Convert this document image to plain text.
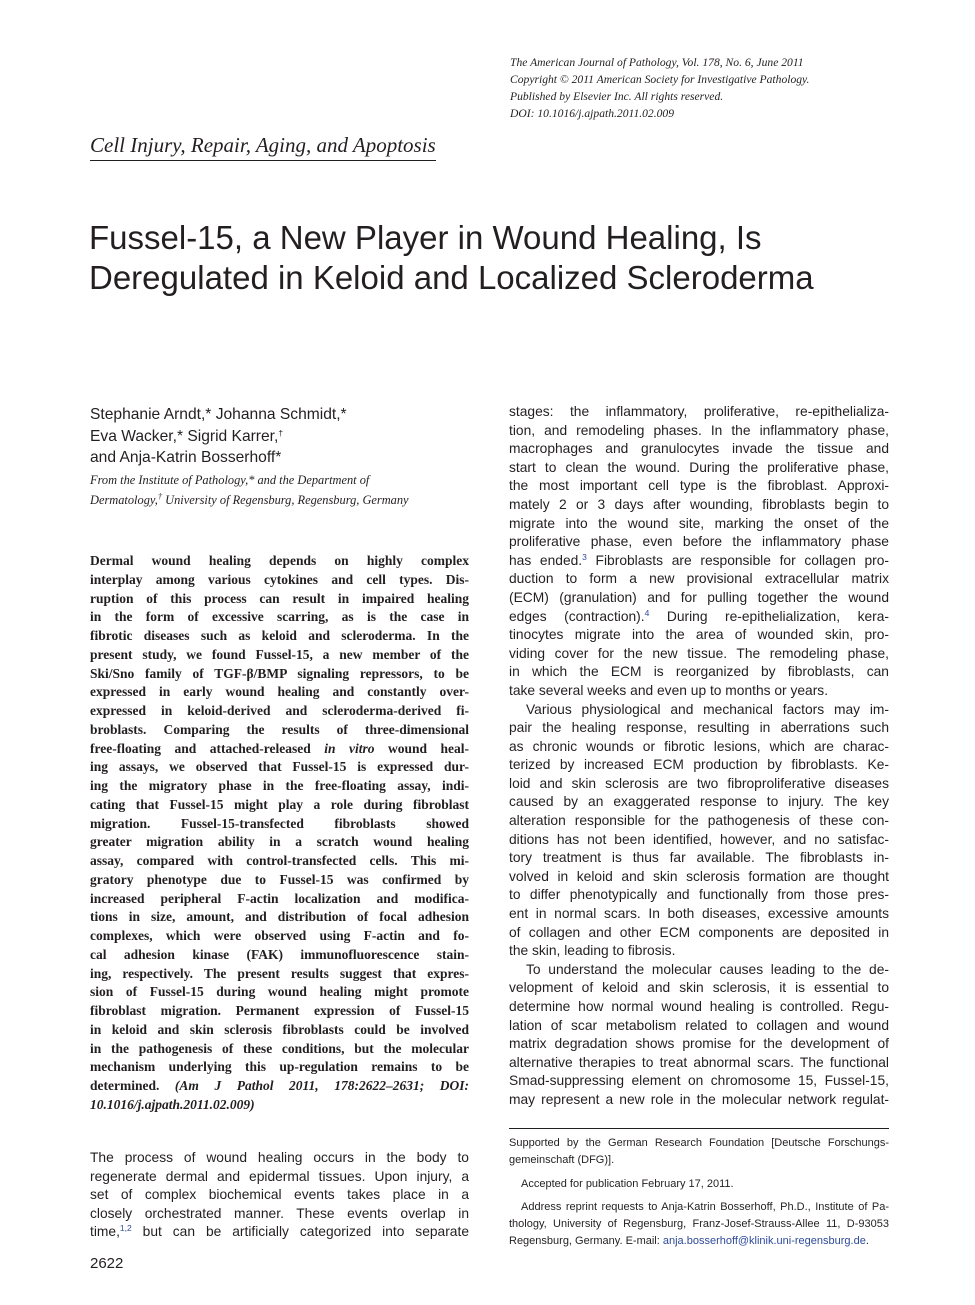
The American Journal of Pathology, Vol. 178, No. 6, June 2011
Copyright © 2011 American Society for Investigative Pathology.
Published by Elsevier Inc. All rights reserved.
DOI: 10.1016/j.ajpath.2011.02.009
Cell Injury, Repair, Aging, and Apoptosis
Fussel-15, a New Player in Wound Healing, Is
Deregulated in Keloid and Localized Scleroderma
Stephanie Arndt,* Johanna Schmidt,*
Eva Wacker,* Sigrid Karrer,†
and Anja-Katrin Bosserhoff*
From the Institute of Pathology,* and the Department of
Dermatology,† University of Regensburg, Regensburg, Germany
Dermal wound healing depends on highly complex
interplay among various cytokines and cell types. Dis-
ruption of this process can result in impaired healing
in the form of excessive scarring, as is the case in
fibrotic diseases such as keloid and scleroderma. In the
present study, we found Fussel-15, a new member of the
Ski/Sno family of TGF-β/BMP signaling repressors, to be
expressed in early wound healing and constantly over-
expressed in keloid-derived and scleroderma-derived fi-
broblasts. Comparing the results of three-dimensional
free-floating and attached-released in vitro wound heal-
ing assays, we observed that Fussel-15 is expressed dur-
ing the migratory phase in the free-floating assay, indi-
cating that Fussel-15 might play a role during fibroblast
migration. Fussel-15-transfected fibroblasts showed
greater migration ability in a scratch wound healing
assay, compared with control-transfected cells. This mi-
gratory phenotype due to Fussel-15 was confirmed by
increased peripheral F-actin localization and modifica-
tions in size, amount, and distribution of focal adhesion
complexes, which were observed using F-actin and fo-
cal adhesion kinase (FAK) immunofluorescence stain-
ing, respectively. The present results suggest that expres-
sion of Fussel-15 during wound healing might promote
fibroblast migration. Permanent expression of Fussel-15
in keloid and skin sclerosis fibroblasts could be involved
in the pathogenesis of these conditions, but the molecular
mechanism underlying this up-regulation remains to be
determined. (Am J Pathol 2011, 178:2622–2631; DOI:
10.1016/j.ajpath.2011.02.009)
The process of wound healing occurs in the body to
regenerate dermal and epidermal tissues. Upon injury, a
set of complex biochemical events takes place in a
closely orchestrated manner. These events overlap in
time,$^{1,2}$ but can be artificially categorized into separate
stages: the inflammatory, proliferative, re-epithelializa-
tion, and remodeling phases. In the inflammatory phase,
macrophages and granulocytes invade the tissue and
start to clean the wound. During the proliferative phase,
the most important cell type is the fibroblast. Approxi-
mately 2 or 3 days after wounding, fibroblasts begin to
migrate into the wound site, marking the onset of the
proliferative phase, even before the inflammatory phase
has ended.$^3$ Fibroblasts are responsible for collagen pro-
duction to form a new provisional extracellular matrix
(ECM) (granulation) and for pulling together the wound
edges (contraction).$^4$ During re-epithelialization, kera-
tinocytes migrate into the area of wounded skin, pro-
viding cover for the new tissue. The remodeling phase,
in which the ECM is reorganized by fibroblasts, can
take several weeks and even up to months or years.
Various physiological and mechanical factors may im-
pair the healing response, resulting in aberrations such
as chronic wounds or fibrotic lesions, which are charac-
terized by increased ECM production by fibroblasts. Ke-
loid and skin sclerosis are two fibroproliferative diseases
caused by an exaggerated response to injury. The key
alteration responsible for the pathogenesis of these con-
ditions has not been identified, however, and no satisfac-
tory treatment is thus far available. The fibroblasts in-
volved in keloid and skin sclerosis formation are thought
to differ phenotypically and functionally from those pres-
ent in normal scars. In both diseases, excessive amounts
of collagen and other ECM components are deposited in
the skin, leading to fibrosis.
To understand the molecular causes leading to the de-
velopment of keloid and skin sclerosis, it is essential to
determine how normal wound healing is controlled. Regu-
lation of scar metabolism related to collagen and wound
matrix degradation shows promise for the development of
alternative therapies to treat abnormal scars. The functional
Smad-suppressing element on chromosome 15, Fussel-15,
may represent a new role in the molecular network regulat-
Supported by the German Research Foundation [Deutsche Forschungs-
gemeinschaft (DFG)].
Accepted for publication February 17, 2011.
Address reprint requests to Anja-Katrin Bosserhoff, Ph.D., Institute of Pa-
thology, University of Regensburg, Franz-Josef-Strauss-Allee 11, D-93053
Regensburg, Germany. E-mail: anja.bosserhoff@klinik.uni-regensburg.de.
2622
